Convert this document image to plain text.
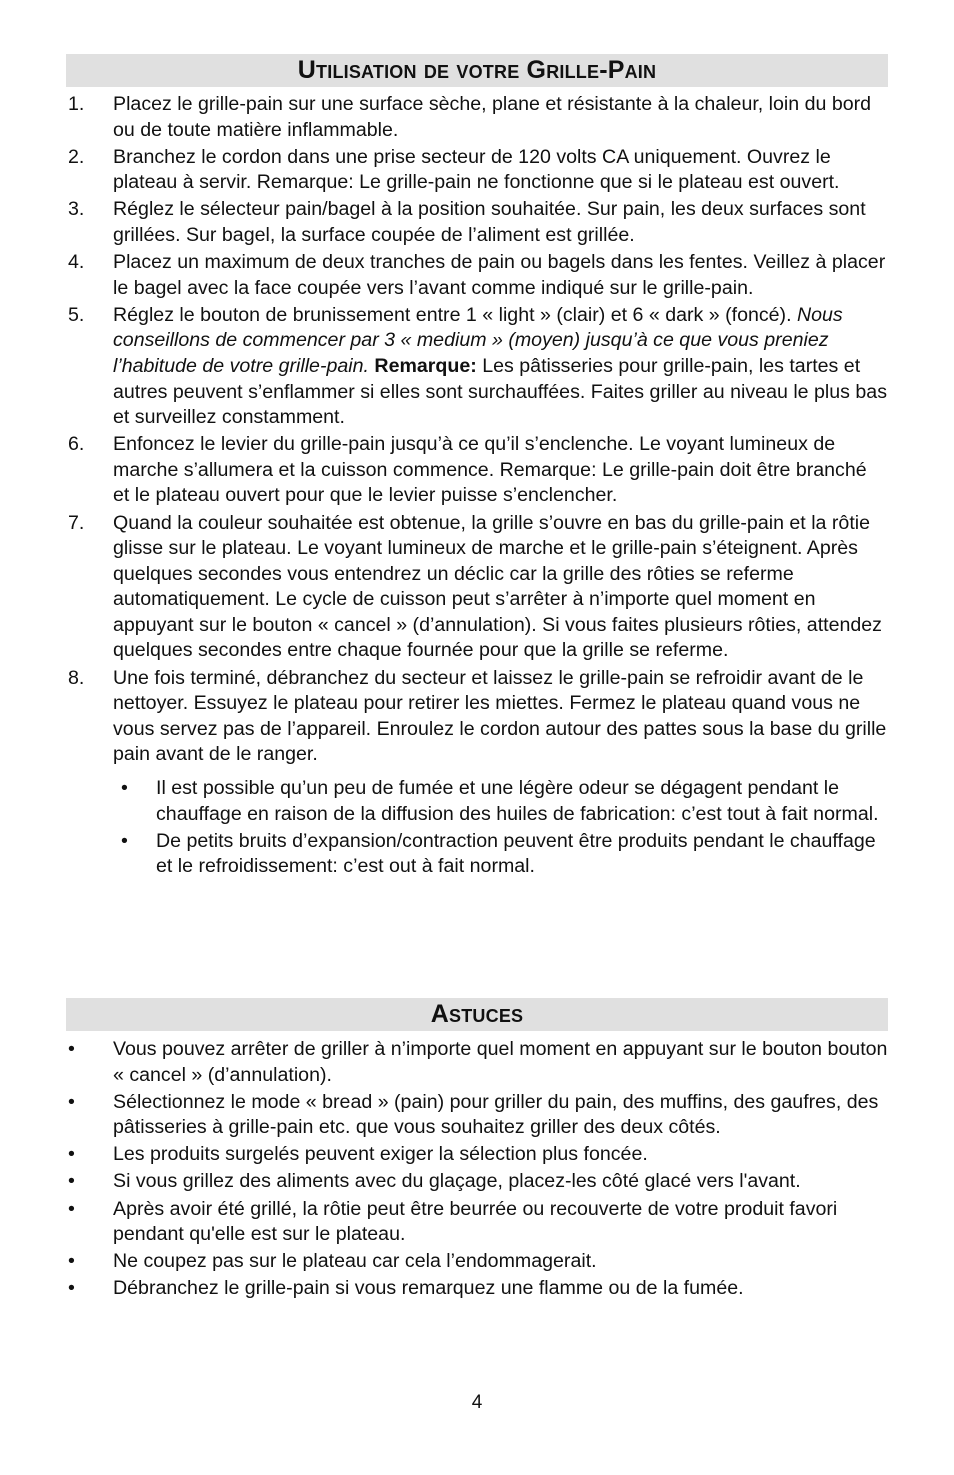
Utilisation de votre Grille-Pain
1. Placez le grille-pain sur une surface sèche, plane et résistante à la chaleur, loin du bord ou de toute matière inflammable.
2. Branchez le cordon dans une prise secteur de 120 volts CA uniquement. Ouvrez le plateau à servir. Remarque: Le grille-pain ne fonctionne que si le plateau est ouvert.
3. Réglez le sélecteur pain/bagel à la position souhaitée. Sur pain, les deux surfaces sont grillées. Sur bagel, la surface coupée de l’aliment est grillée.
4. Placez un maximum de deux tranches de pain ou bagels dans les fentes. Veillez à placer le bagel avec la face coupée vers l’avant comme indiqué sur le grille-pain.
5. Réglez le bouton de brunissement entre 1 « light » (clair) et 6 « dark » (foncé). Nous conseillons de commencer par 3 « medium » (moyen) jusqu’à ce que vous preniez l’habitude de votre grille-pain. Remarque: Les pâtisseries pour grille-pain, les tartes et autres peuvent s’enflammer si elles sont surchauffées. Faites griller au niveau le plus bas et surveillez constamment.
6. Enfoncez le levier du grille-pain jusqu’à ce qu’il s’enclenche. Le voyant lumineux de marche s’allumera et la cuisson commence. Remarque: Le grille-pain doit être branché et le plateau ouvert pour que le levier puisse s’enclencher.
7. Quand la couleur souhaitée est obtenue, la grille s’ouvre en bas du grille-pain et la rôtie glisse sur le plateau. Le voyant lumineux de marche et le grille-pain s’éteignent. Après quelques secondes vous entendrez un déclic car la grille des rôties se referme automatiquement. Le cycle de cuisson peut s’arrêter à n’importe quel moment en appuyant sur le bouton « cancel » (d’annulation). Si vous faites plusieurs rôties, attendez quelques secondes entre chaque fournée pour que la grille se referme.
8. Une fois terminé, débranchez du secteur et laissez le grille-pain se refroidir avant de le nettoyer. Essuyez le plateau pour retirer les miettes. Fermez le plateau quand vous ne vous servez pas de l’appareil. Enroulez le cordon autour des pattes sous la base du grille pain avant de le ranger.
• Il est possible qu’un peu de fumée et une légère odeur se dégagent pendant le chauffage en raison de la diffusion des huiles de fabrication: c’est tout à fait normal.
• De petits bruits d’expansion/contraction peuvent être produits pendant le chauffage et le refroidissement: c’est out à fait normal.
Astuces
• Vous pouvez arrêter de griller à n’importe quel moment en appuyant sur le bouton bouton « cancel » (d’annulation).
• Sélectionnez le mode « bread » (pain) pour griller du pain, des muffins, des gaufres, des pâtisseries à grille-pain etc. que vous souhaitez griller des deux côtés.
• Les produits surgelés peuvent exiger la sélection plus foncée.
• Si vous grillez des aliments avec du glaçage, placez-les côté glacé vers l'avant.
• Après avoir été grillé, la rôtie peut être beurrée ou recouverte de votre produit favori pendant qu'elle est sur le plateau.
• Ne coupez pas sur le plateau car cela l’endommagerait.
• Débranchez le grille-pain si vous remarquez une flamme ou de la fumée.
4
